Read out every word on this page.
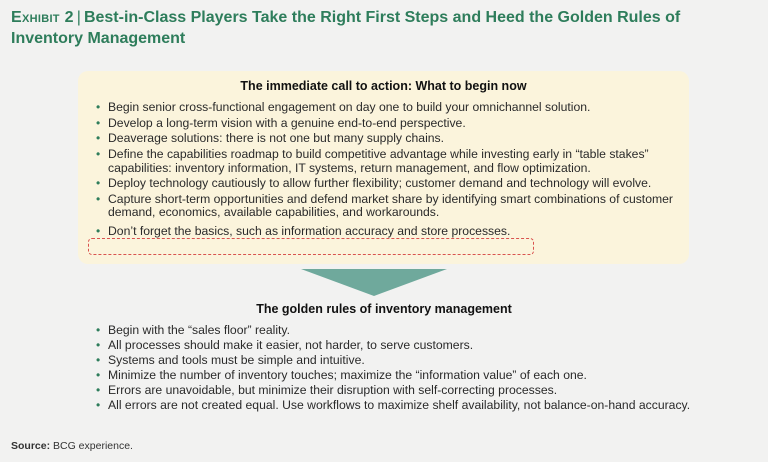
Exhibit 2 | Best-in-Class Players Take the Right First Steps and Heed the Golden Rules of Inventory Management
The immediate call to action: What to begin now
• Begin senior cross-functional engagement on day one to build your omnichannel solution.
• Develop a long-term vision with a genuine end-to-end perspective.
• Deaverage solutions: there is not one but many supply chains.
• Define the capabilities roadmap to build competitive advantage while investing early in “table stakes” capabilities: inventory information, IT systems, return management, and flow optimization.
• Deploy technology cautiously to allow further flexibility; customer demand and technology will evolve.
• Capture short-term opportunities and defend market share by identifying smart combinations of customer demand, economics, available capabilities, and workarounds.
• Don’t forget the basics, such as information accuracy and store processes.
The golden rules of inventory management
• Begin with the “sales floor” reality.
• All processes should make it easier, not harder, to serve customers.
• Systems and tools must be simple and intuitive.
• Minimize the number of inventory touches; maximize the “information value” of each one.
• Errors are unavoidable, but minimize their disruption with self-correcting processes.
• All errors are not created equal. Use workflows to maximize shelf availability, not balance-on-hand accuracy.
Source: BCG experience.
